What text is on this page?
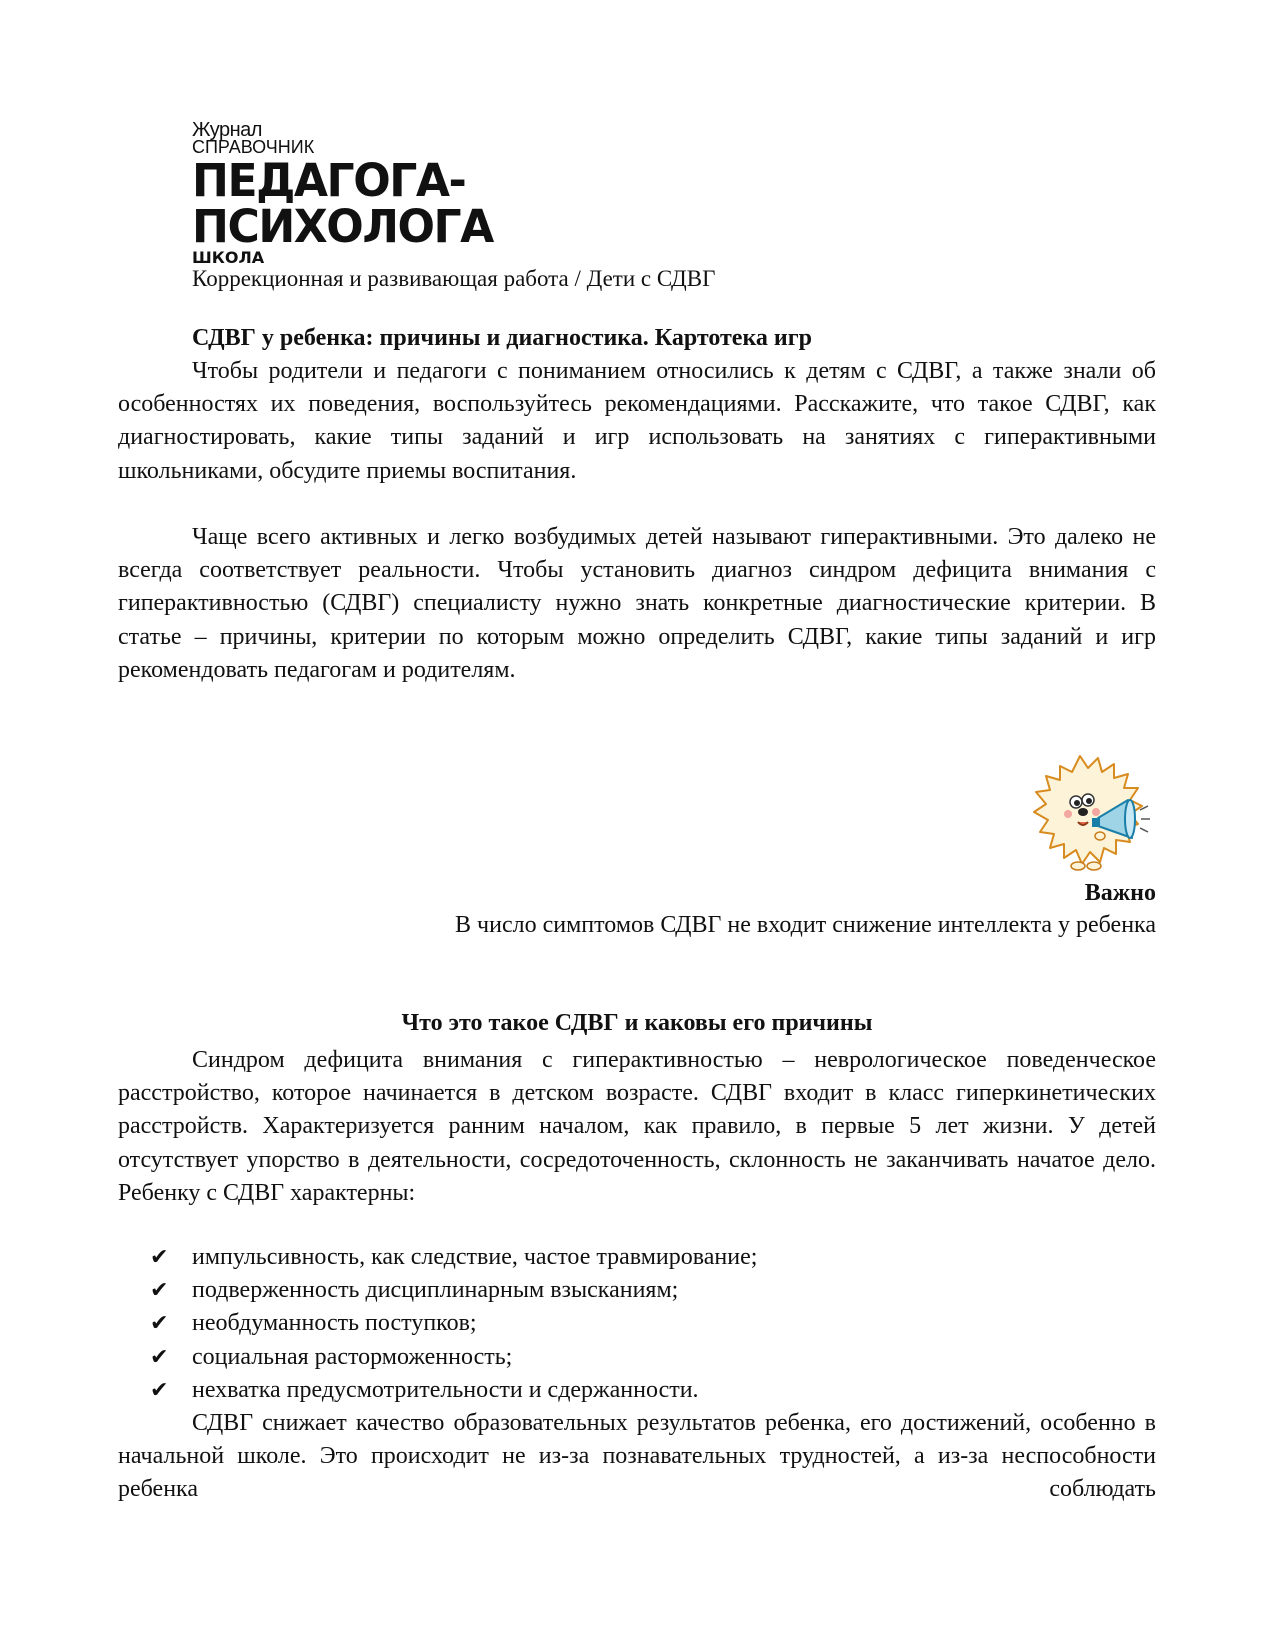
Журнал
СПРАВОЧНИК
ПЕДАГОГА-
ПСИХОЛОГА
ШКОЛА
Коррекционная и развивающая работа / Дети с СДВГ
СДВГ у ребенка: причины и диагностика. Картотека игр

Чтобы родители и педагоги с пониманием относились к детям с СДВГ, а также знали об особенностях их поведения, воспользуйтесь рекомендациями. Расскажите, что такое СДВГ, как диагностировать, какие типы заданий и игр использовать на занятиях с гиперактивными школьниками, обсудите приемы воспитания.

Чаще всего активных и легко возбудимых детей называют гиперактивными. Это далеко не всегда соответствует реальности. Чтобы установить диагноз синдром дефицита внимания с гиперактивностью (СДВГ) специалисту нужно знать конкретные диагностические критерии. В статье – причины, критерии по которым можно определить СДВГ, какие типы заданий и игр рекомендовать педагогам и родителям.

Важно
В число симптомов СДВГ не входит снижение интеллекта у ребенка
Что это такое СДВГ и каковы его причины

Синдром дефицита внимания с гиперактивностью – неврологическое поведенческое расстройство, которое начинается в детском возрасте. СДВГ входит в класс гиперкинетических расстройств. Характеризуется ранним началом, как правило, в первые 5 лет жизни. У детей отсутствует упорство в деятельности, сосредоточенность, склонность не заканчивать начатое дело. Ребенку с СДВГ характерны:

✔ импульсивность, как следствие, частое травмирование;
✔ подверженность дисциплинарным взысканиям;
✔ необдуманность поступков;
✔ социальная расторможенность;
✔ нехватка предусмотрительности и сдержанности.

СДВГ снижает качество образовательных результатов ребенка, его достижений, особенно в начальной школе. Это происходит не из-за познавательных трудностей, а из-за неспособности ребенка соблюдать
